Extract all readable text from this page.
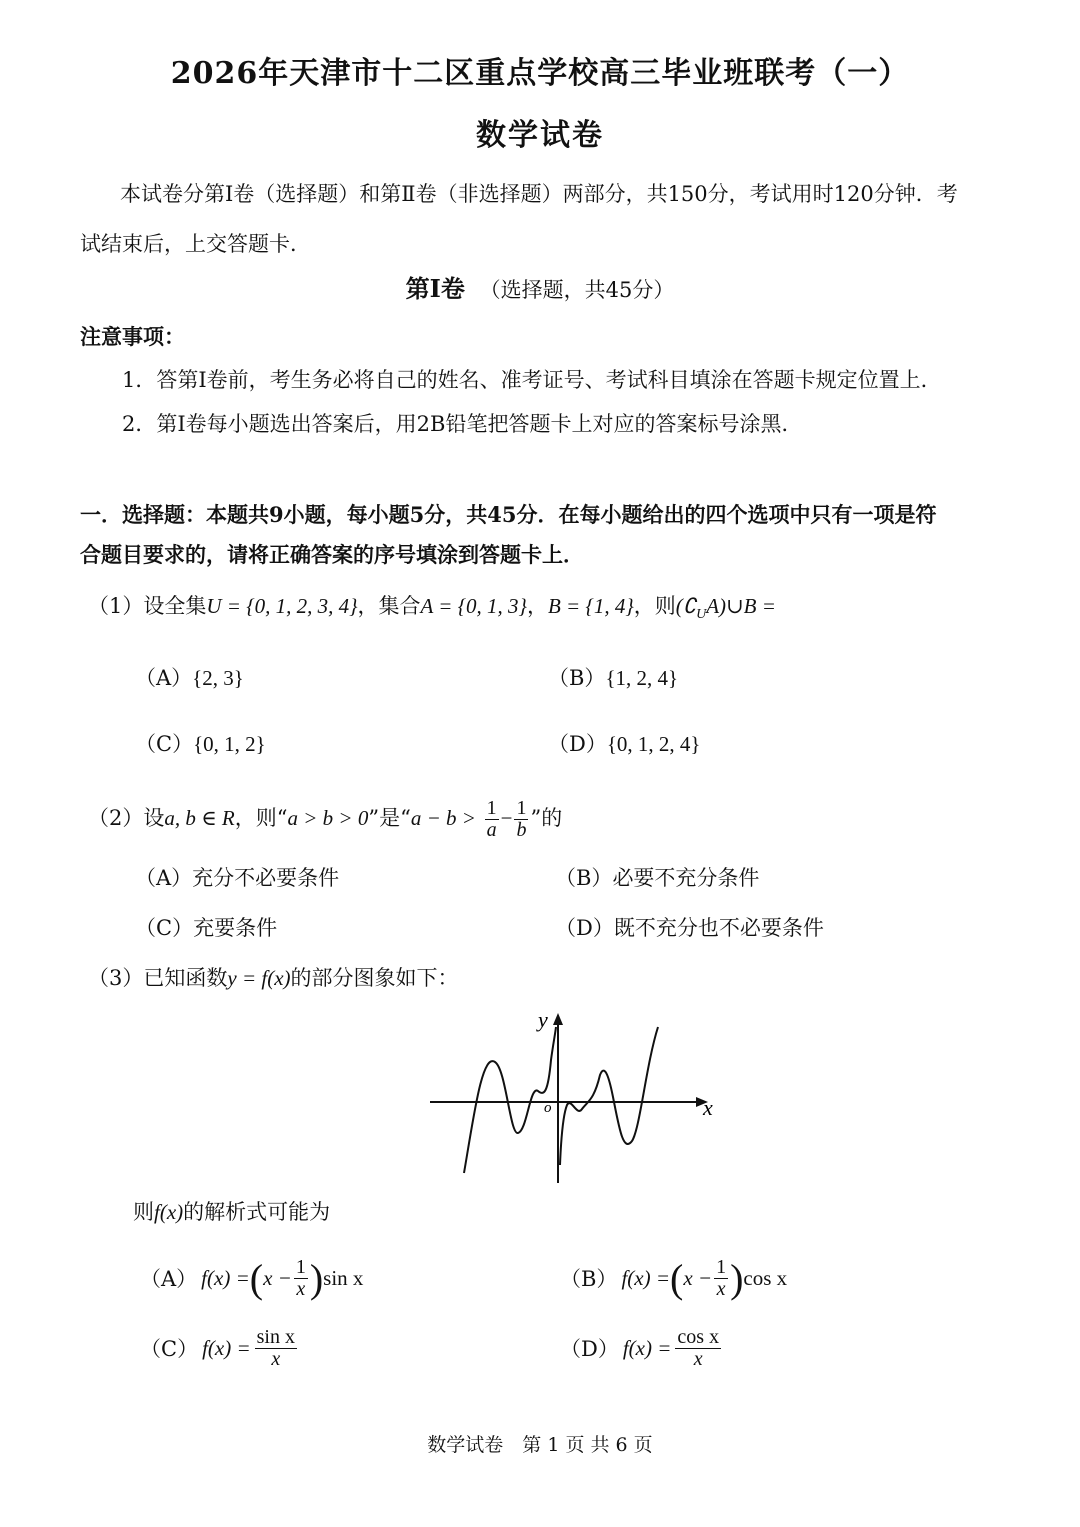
2026年天津市十二区重点学校高三毕业班联考（一）
数学试卷
本试卷分第Ⅰ卷（选择题）和第Ⅱ卷（非选择题）两部分，共150分，考试用时120分钟．考
试结束后，上交答题卡．
第Ⅰ卷 （选择题，共45分）
注意事项：
1．答第Ⅰ卷前，考生务必将自己的姓名、准考证号、考试科目填涂在答题卡规定位置上．
2．第Ⅰ卷每小题选出答案后，用2B铅笔把答题卡上对应的答案标号涂黑．
一．选择题：本题共9小题，每小题5分，共45分．在每小题给出的四个选项中只有一项是符
合题目要求的，请将正确答案的序号填涂到答题卡上．
（1）设全集U = {0, 1, 2, 3, 4}，集合A = {0, 1, 3}，B = {1, 4}，则$(∁_UA)\cup B$ =
（A）{2, 3}	（B）{1, 2, 4}
（C）{0, 1, 2}	（D）{0, 1, 2, 4}
（2）设a, b ∈ R，则“a > b > 0”是“$a - b > \frac{1}{a} - \frac{1}{b}$ ”的
（A）充分不必要条件	（B）必要不充分条件
（C）充要条件	（D）既不充分也不必要条件
（3）已知函数y = f(x)的部分图象如下：
y
x
o
则f(x)的解析式可能为
（A） f(x) = ( $x - \frac{1}{x}$ ) sin x	（B） f(x) = ( $x - \frac{1}{x}$ ) cos x
（C） $f(x) = \frac{\text{sin x}}{x}$	（D） $f(x) = \frac{\text{cos x}}{x}$
数学试卷　第 1 页 共 6 页
